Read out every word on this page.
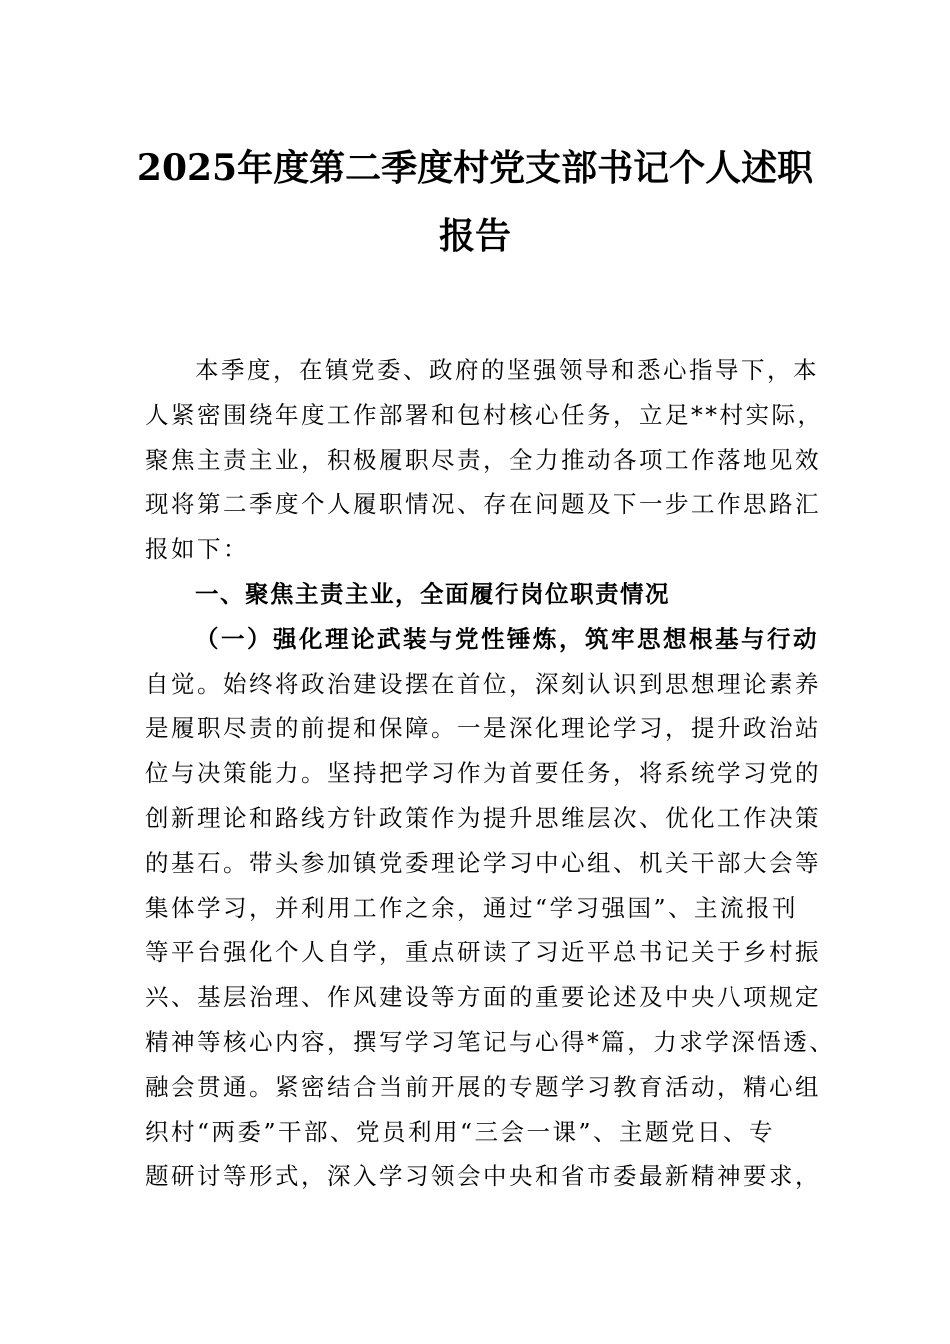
2025年度第二季度村党支部书记个人述职
报告
本季度，在镇党委、政府的坚强领导和悉心指导下，本
人紧密围绕年度工作部署和包村核心任务，立足**村实际，
聚焦主责主业，积极履职尽责，全力推动各项工作落地见效
现将第二季度个人履职情况、存在问题及下一步工作思路汇
报如下：
一、聚焦主责主业，全面履行岗位职责情况
（一）强化理论武装与党性锤炼，筑牢思想根基与行动
自觉。始终将政治建设摆在首位，深刻认识到思想理论素养
是履职尽责的前提和保障。一是深化理论学习，提升政治站
位与决策能力。坚持把学习作为首要任务，将系统学习党的
创新理论和路线方针政策作为提升思维层次、优化工作决策
的基石。带头参加镇党委理论学习中心组、机关干部大会等
集体学习，并利用工作之余，通过“学习强国”、主流报刊
等平台强化个人自学，重点研读了习近平总书记关于乡村振
兴、基层治理、作风建设等方面的重要论述及中央八项规定
精神等核心内容，撰写学习笔记与心得*篇，力求学深悟透、
融会贯通。紧密结合当前开展的专题学习教育活动，精心组
织村“两委”干部、党员利用“三会一课”、主题党日、专
题研讨等形式，深入学习领会中央和省市委最新精神要求，
